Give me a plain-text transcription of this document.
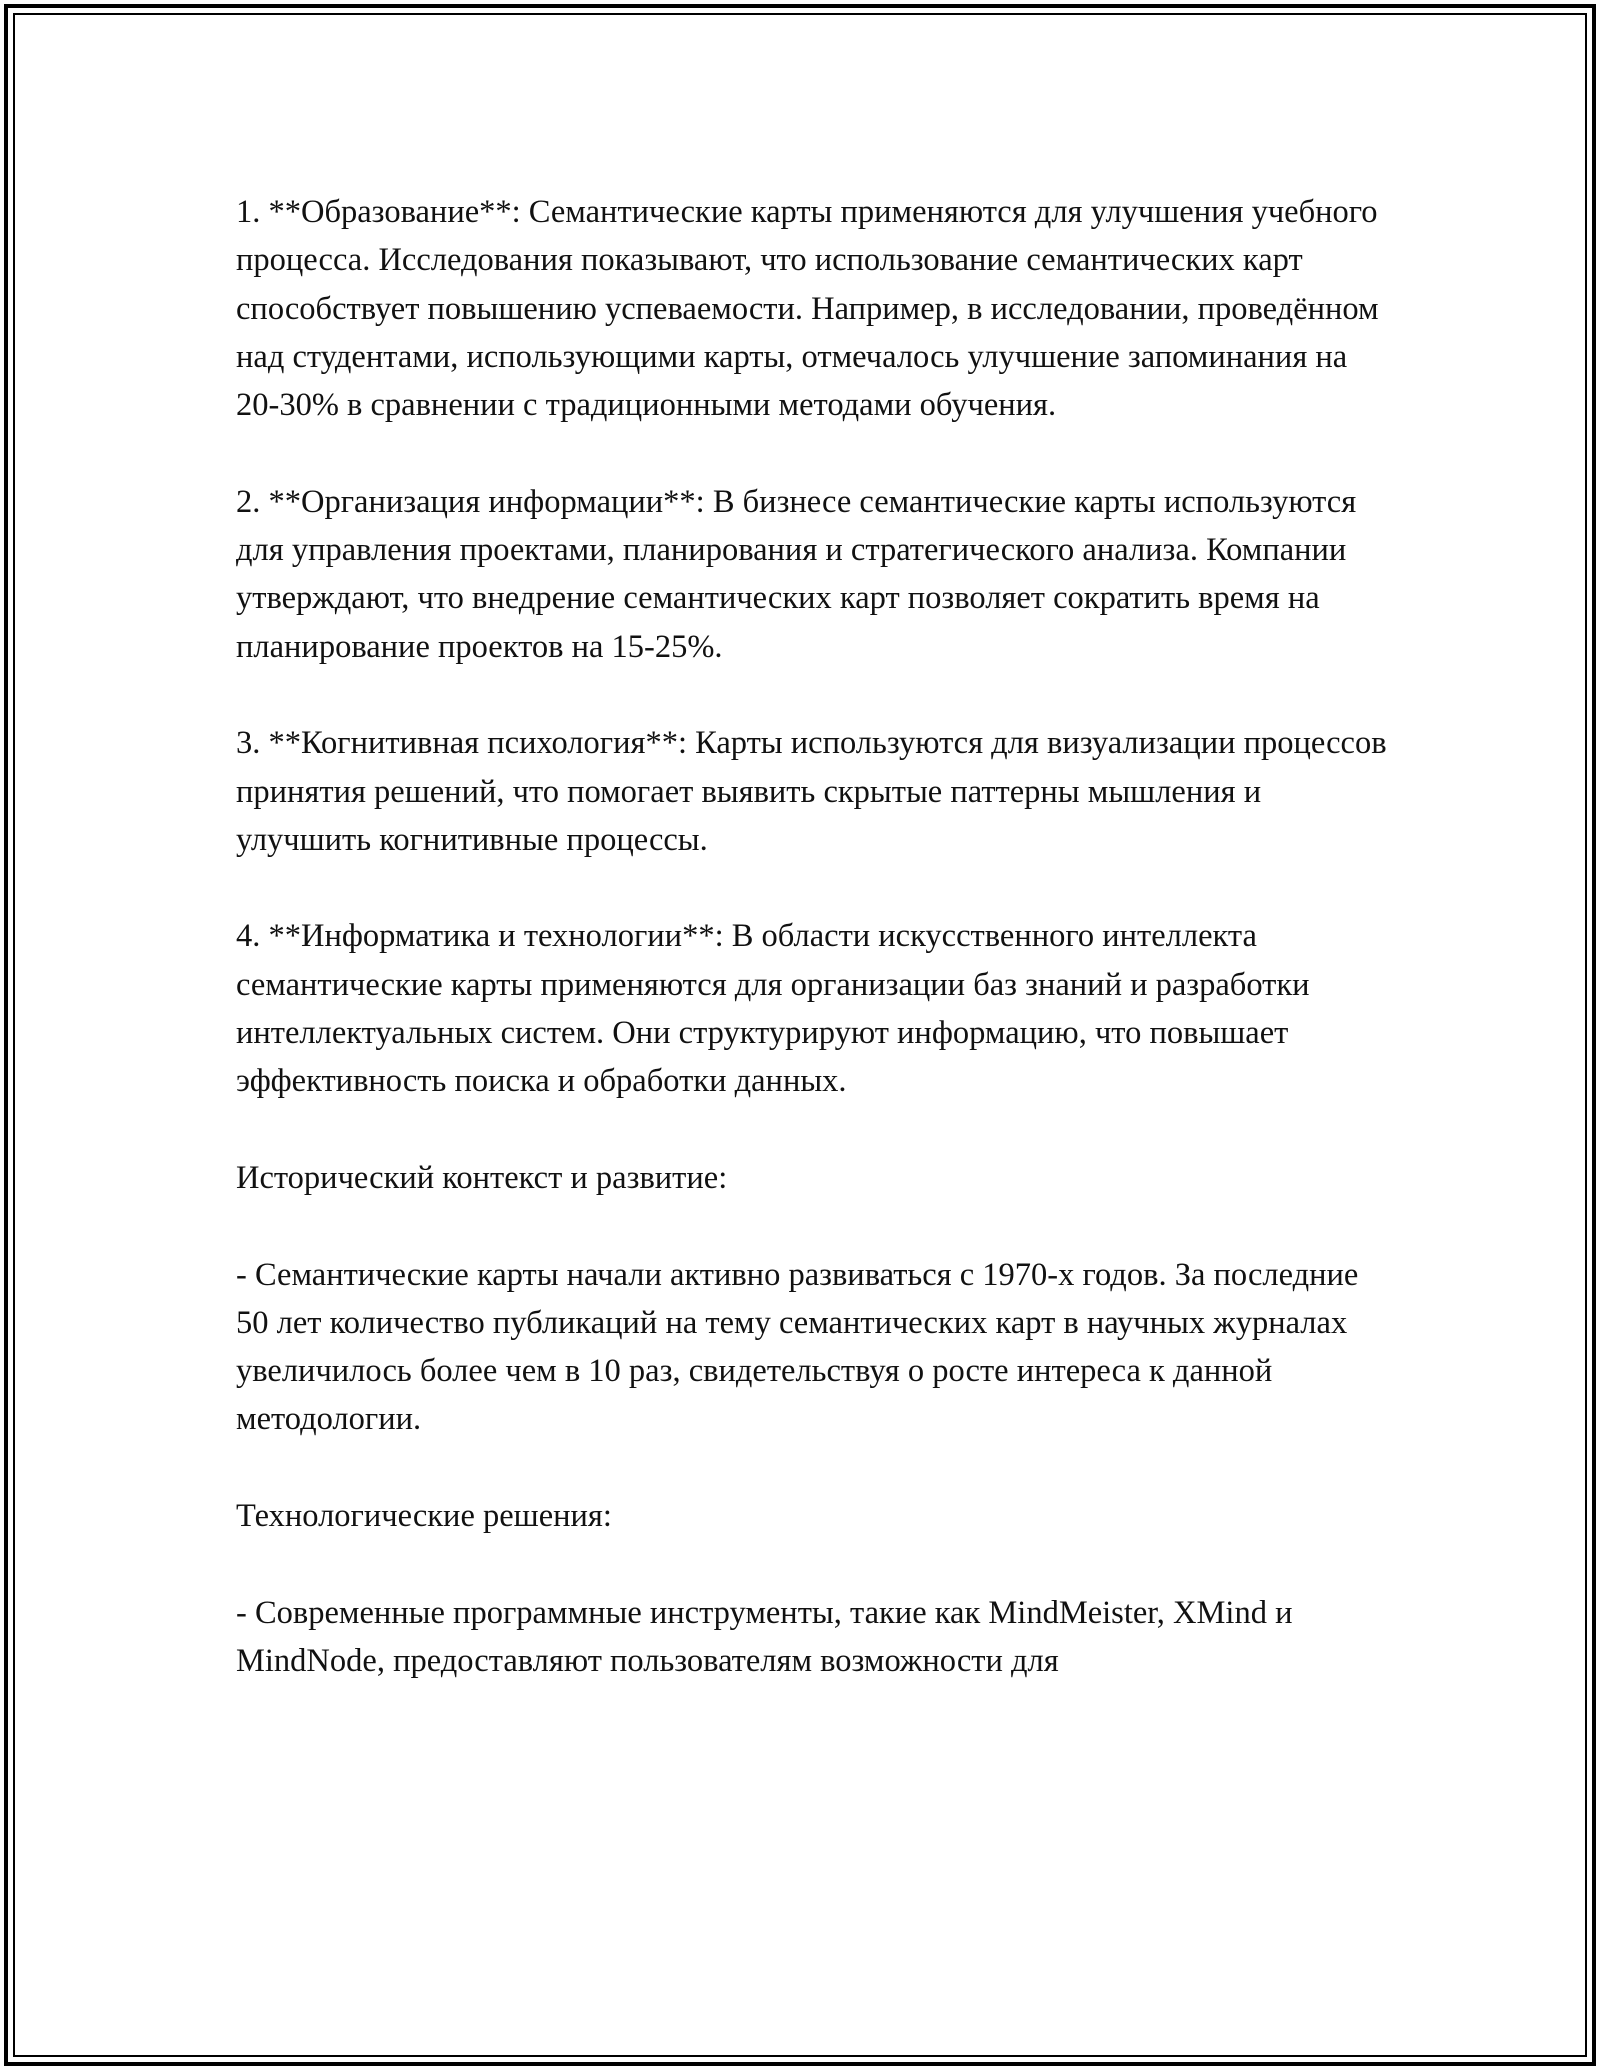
1. **Образование**: Семантические карты применяются для улучшения учебного процесса. Исследования показывают, что использование семантических карт способствует повышению успеваемости. Например, в исследовании, проведённом над студентами, использующими карты, отмечалось улучшение запоминания на 20-30% в сравнении с традиционными методами обучения.

2. **Организация информации**: В бизнесе семантические карты используются для управления проектами, планирования и стратегического анализа. Компании утверждают, что внедрение семантических карт позволяет сократить время на планирование проектов на 15-25%.

3. **Когнитивная психология**: Карты используются для визуализации процессов принятия решений, что помогает выявить скрытые паттерны мышления и улучшить когнитивные процессы.

4. **Информатика и технологии**: В области искусственного интеллекта семантические карты применяются для организации баз знаний и разработки интеллектуальных систем. Они структурируют информацию, что повышает эффективность поиска и обработки данных.

Исторический контекст и развитие:

- Семантические карты начали активно развиваться с 1970-х годов. За последние 50 лет количество публикаций на тему семантических карт в научных журналах увеличилось более чем в 10 раз, свидетельствуя о росте интереса к данной методологии.

Технологические решения:

- Современные программные инструменты, такие как MindMeister, XMind и MindNode, предоставляют пользователям возможности для
